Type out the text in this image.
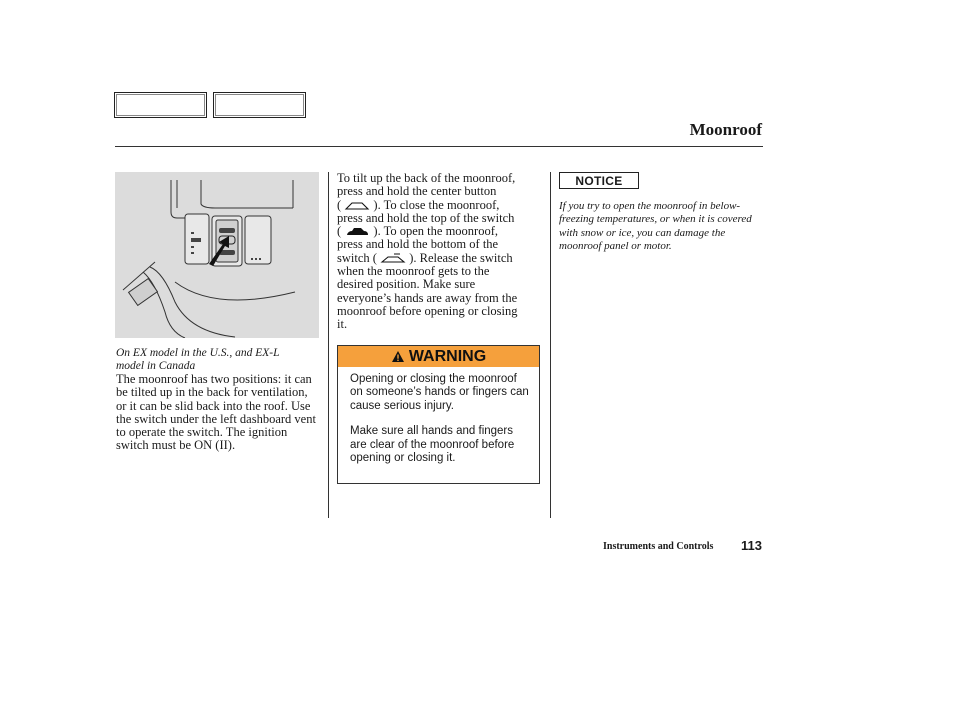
Moonroof
On EX model in the U.S., and EX-L model in Canada
The moonroof has two positions: it can be tilted up in the back for ventilation, or it can be slid back into the roof. Use the switch under the left dashboard vent to operate the switch. The ignition switch must be ON (II).
To tilt up the back of the moonroof,
press and hold the center button
(	). To close the moonroof,
press and hold the top of the switch
(	). To open the moonroof,
press and hold the bottom of the
switch (	). Release the switch
when the moonroof gets to the
desired position. Make sure
everyone’s hands are away from the
moonroof before opening or closing
it.
WARNING

Opening or closing the moonroof on someone’s hands or fingers can cause serious injury.

Make sure all hands and fingers are clear of the moonroof before opening or closing it.

NOTICE
If you try to open the moonroof in below-freezing temperatures, or when it is covered with snow or ice, you can damage the moonroof panel or motor.
Instruments and Controls 113
